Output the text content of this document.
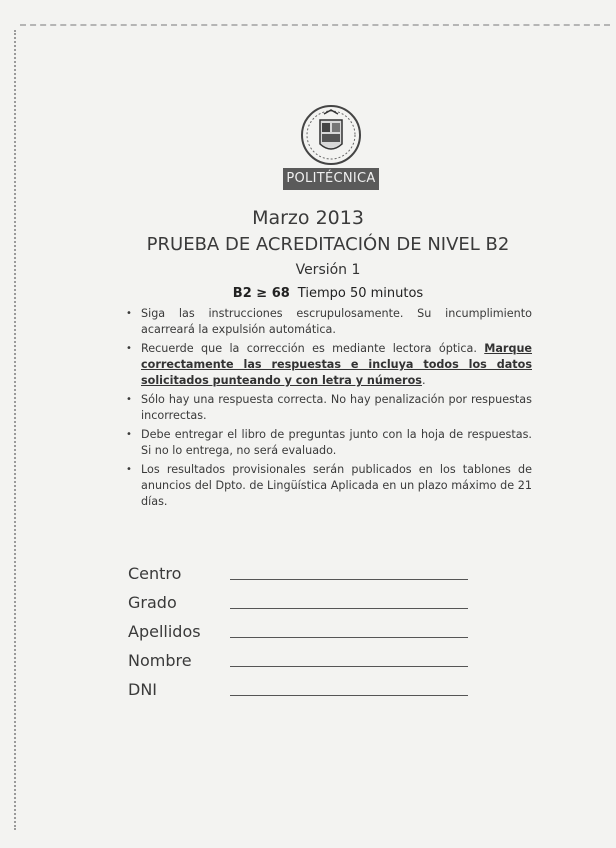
POLITÉCNICA
Marzo 2013
PRUEBA DE ACREDITACIÓN DE NIVEL B2
Versión 1
B2 ≥ 68 Tiempo 50 minutos
• Siga las instrucciones escrupulosamente. Su incumplimiento acarreará la expulsión automática.
• Recuerde que la corrección es mediante lectora óptica. Marque correctamente las respuestas e incluya todos los datos solicitados punteando y con letra y números.
• Sólo hay una respuesta correcta. No hay penalización por respuestas incorrectas.
• Debe entregar el libro de preguntas junto con la hoja de respuestas. Si no lo entrega, no será evaluado.
• Los resultados provisionales serán publicados en los tablones de anuncios del Dpto. de Lingüística Aplicada en un plazo máximo de 21 días.
Centro
Grado
Apellidos
Nombre
DNI
